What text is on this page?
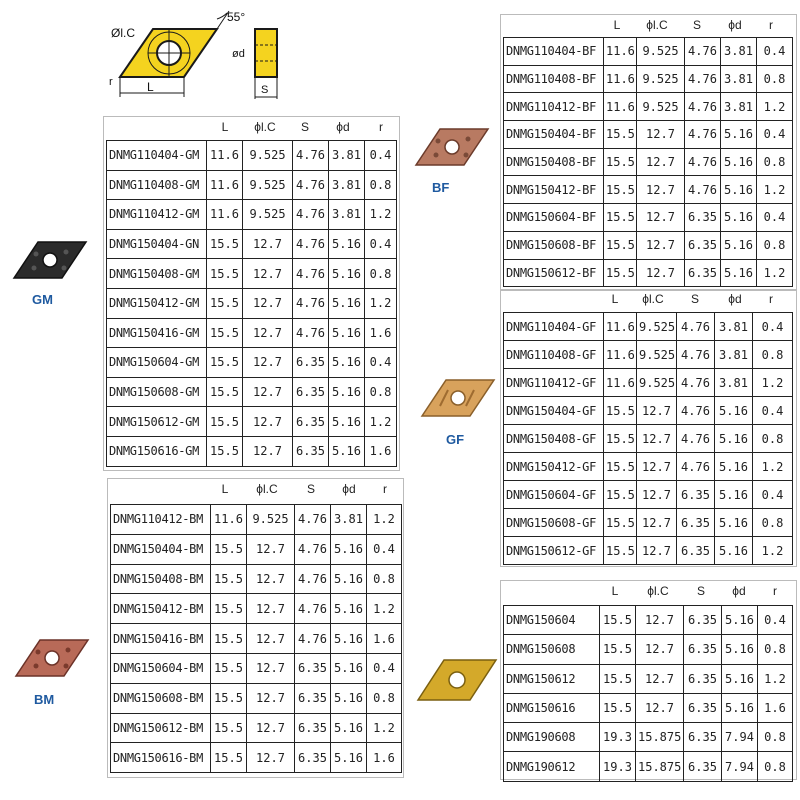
55°
Øl.C
L
r
ød
S
L	ϕl.C	S	ϕd	r
DNMG110404-GM	11.6	9.525	4.76	3.81	0.4
DNMG110408-GM	11.6	9.525	4.76	3.81	0.8
DNMG110412-GM	11.6	9.525	4.76	3.81	1.2
DNMG150404-GN	15.5	12.7	4.76	5.16	0.4
DNMG150408-GM	15.5	12.7	4.76	5.16	0.8
DNMG150412-GM	15.5	12.7	4.76	5.16	1.2
DNMG150416-GM	15.5	12.7	4.76	5.16	1.6
DNMG150604-GM	15.5	12.7	6.35	5.16	0.4
DNMG150608-GM	15.5	12.7	6.35	5.16	0.8
DNMG150612-GM	15.5	12.7	6.35	5.16	1.2
DNMG150616-GM	15.5	12.7	6.35	5.16	1.6
GM
L	ϕl.C	S	ϕd	r
DNMG110404-BF	11.6	9.525	4.76	3.81	0.4
DNMG110408-BF	11.6	9.525	4.76	3.81	0.8
DNMG110412-BF	11.6	9.525	4.76	3.81	1.2
DNMG150404-BF	15.5	12.7	4.76	5.16	0.4
DNMG150408-BF	15.5	12.7	4.76	5.16	0.8
DNMG150412-BF	15.5	12.7	4.76	5.16	1.2
DNMG150604-BF	15.5	12.7	6.35	5.16	0.4
DNMG150608-BF	15.5	12.7	6.35	5.16	0.8
DNMG150612-BF	15.5	12.7	6.35	5.16	1.2
BF
L	ϕl.C	S	ϕd	r
DNMG110404-GF	11.6	9.525	4.76	3.81	0.4
DNMG110408-GF	11.6	9.525	4.76	3.81	0.8
DNMG110412-GF	11.6	9.525	4.76	3.81	1.2
DNMG150404-GF	15.5	12.7	4.76	5.16	0.4
DNMG150408-GF	15.5	12.7	4.76	5.16	0.8
DNMG150412-GF	15.5	12.7	4.76	5.16	1.2
DNMG150604-GF	15.5	12.7	6.35	5.16	0.4
DNMG150608-GF	15.5	12.7	6.35	5.16	0.8
DNMG150612-GF	15.5	12.7	6.35	5.16	1.2
GF
L	ϕl.C	S	ϕd	r
DNMG110412-BM	11.6	9.525	4.76	3.81	1.2
DNMG150404-BM	15.5	12.7	4.76	5.16	0.4
DNMG150408-BM	15.5	12.7	4.76	5.16	0.8
DNMG150412-BM	15.5	12.7	4.76	5.16	1.2
DNMG150416-BM	15.5	12.7	4.76	5.16	1.6
DNMG150604-BM	15.5	12.7	6.35	5.16	0.4
DNMG150608-BM	15.5	12.7	6.35	5.16	0.8
DNMG150612-BM	15.5	12.7	6.35	5.16	1.2
DNMG150616-BM	15.5	12.7	6.35	5.16	1.6
BM
L	ϕl.C	S	ϕd	r
DNMG150604	15.5	12.7	6.35	5.16	0.4
DNMG150608	15.5	12.7	6.35	5.16	0.8
DNMG150612	15.5	12.7	6.35	5.16	1.2
DNMG150616	15.5	12.7	6.35	5.16	1.6
DNMG190608	19.3	15.875	6.35	7.94	0.8
DNMG190612	19.3	15.875	6.35	7.94	0.8
